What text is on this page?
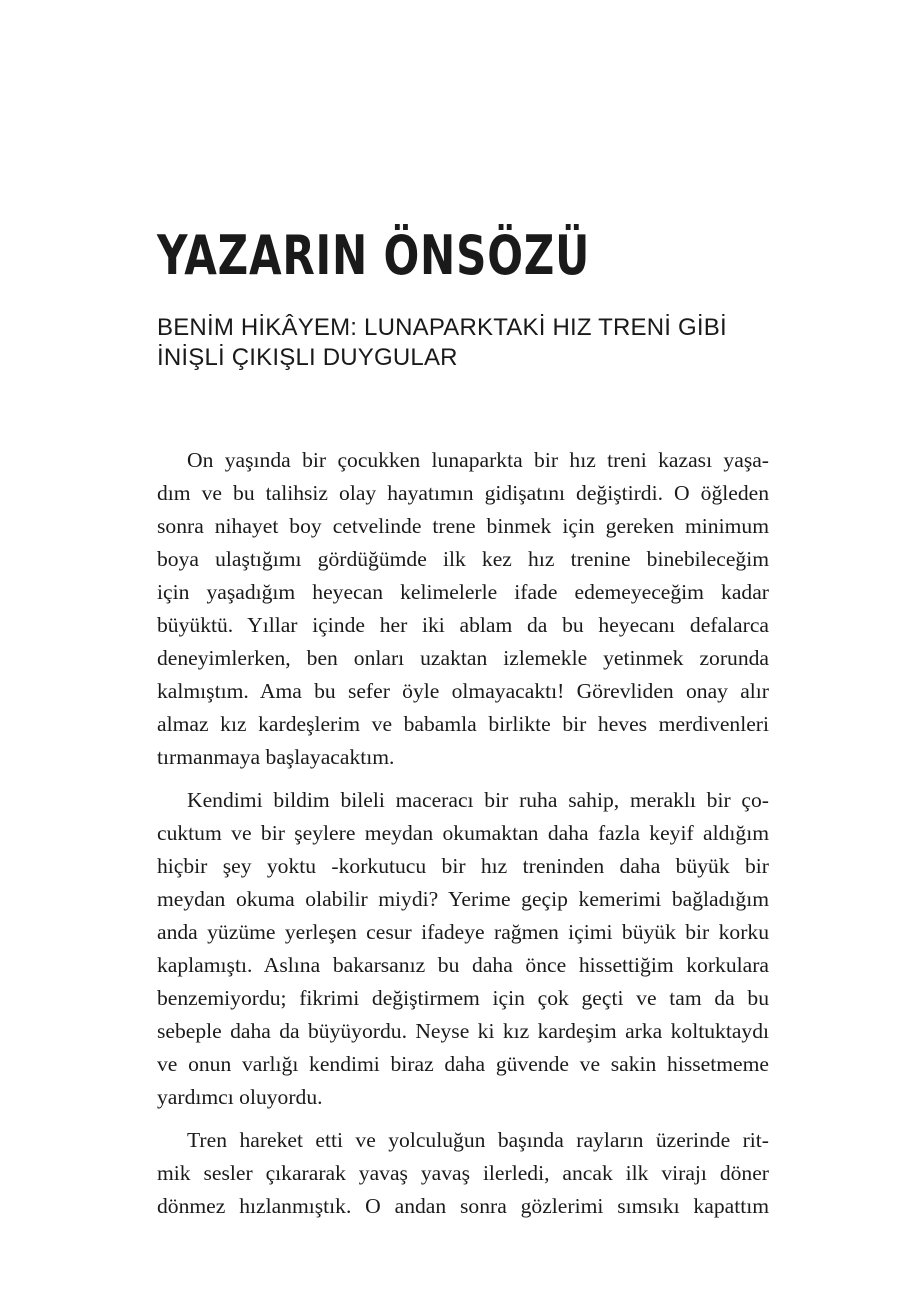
YAZARIN ÖNSÖZÜ
BENİM HİKÂYEM: LUNAPARKTAKİ HIZ TRENİ GİBİ
İNİŞLİ ÇIKIŞLI DUYGULAR
On yaşında bir çocukken lunaparkta bir hız treni kazası yaşa-
dım ve bu talihsiz olay hayatımın gidişatını değiştirdi. O öğleden
sonra nihayet boy cetvelinde trene binmek için gereken minimum
boya ulaştığımı gördüğümde ilk kez hız trenine binebileceğim
için yaşadığım heyecan kelimelerle ifade edemeyeceğim kadar
büyüktü. Yıllar içinde her iki ablam da bu heyecanı defalarca
deneyimlerken, ben onları uzaktan izlemekle yetinmek zorunda
kalmıştım. Ama bu sefer öyle olmayacaktı! Görevliden onay alır
almaz kız kardeşlerim ve babamla birlikte bir heves merdivenleri
tırmanmaya başlayacaktım.
Kendimi bildim bileli maceracı bir ruha sahip, meraklı bir ço-
cuktum ve bir şeylere meydan okumaktan daha fazla keyif aldığım
hiçbir şey yoktu -korkutucu bir hız treninden daha büyük bir
meydan okuma olabilir miydi? Yerime geçip kemerimi bağladığım
anda yüzüme yerleşen cesur ifadeye rağmen içimi büyük bir korku
kaplamıştı. Aslına bakarsanız bu daha önce hissettiğim korkulara
benzemiyordu; fikrimi değiştirmem için çok geçti ve tam da bu
sebeple daha da büyüyordu. Neyse ki kız kardeşim arka koltuktaydı
ve onun varlığı kendimi biraz daha güvende ve sakin hissetmeme
yardımcı oluyordu.
Tren hareket etti ve yolculuğun başında rayların üzerinde rit-
mik sesler çıkararak yavaş yavaş ilerledi, ancak ilk virajı döner
dönmez hızlanmıştık. O andan sonra gözlerimi sımsıkı kapattım
